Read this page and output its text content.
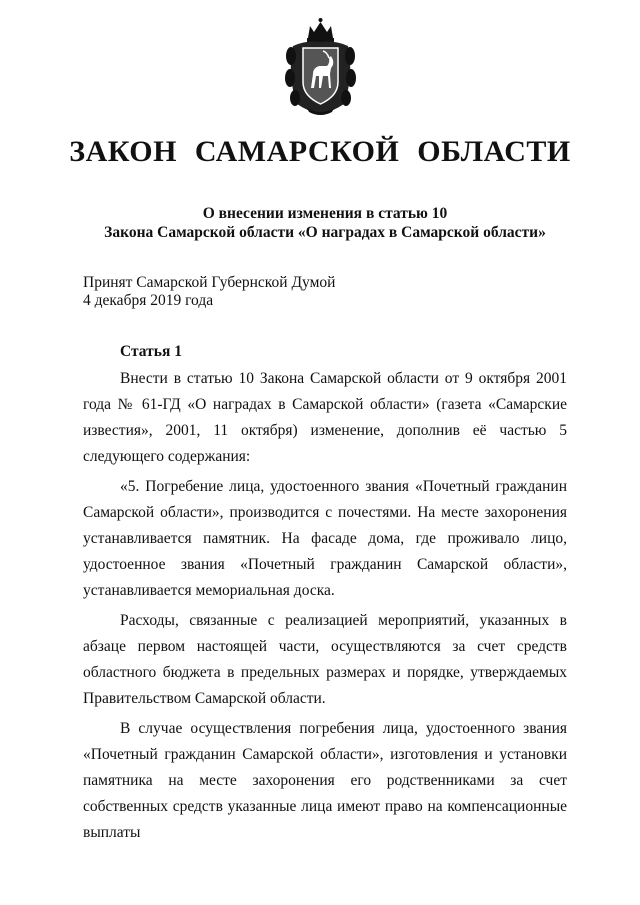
ЗАКОН САМАРСКОЙ ОБЛАСТИ
О внесении изменения в статью 10
Закона Самарской области «О наградах в Самарской области»
Принят Самарской Губернской Думой
4 декабря 2019 года
Статья 1

Внести в статью 10 Закона Самарской области от 9 октября 2001 года № 61-ГД «О наградах в Самарской области» (газета «Самарские известия», 2001, 11 октября) изменение, дополнив её частью 5 следующего содержания:

«5. Погребение лица, удостоенного звания «Почетный гражданин Самарской области», производится с почестями. На месте захоронения устанавливается памятник. На фасаде дома, где проживало лицо, удостоенное звания «Почетный гражданин Самарской области», устанавливается мемориальная доска.

Расходы, связанные с реализацией мероприятий, указанных в абзаце первом настоящей части, осуществляются за счет средств областного бюджета в предельных размерах и порядке, утверждаемых Правительством Самарской области.

В случае осуществления погребения лица, удостоенного звания «Почетный гражданин Самарской области», изготовления и установки памятника на месте захоронения его родственниками за счет собственных средств указанные лица имеют право на компенсационные выплаты
